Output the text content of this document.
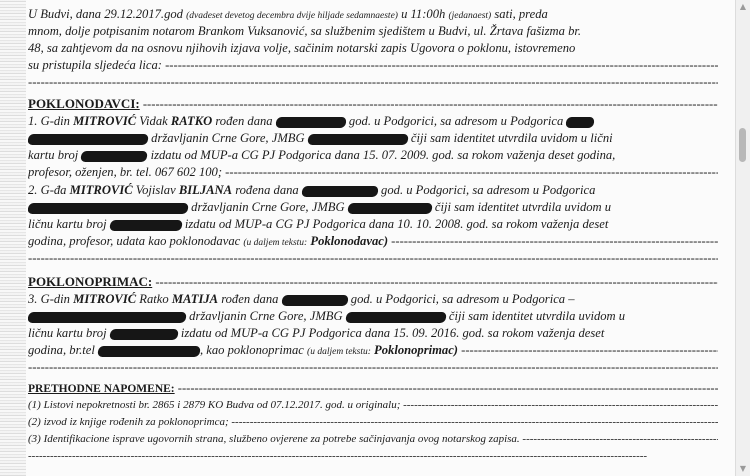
U Budvi, dana 29.12.2017.god (dvadeset devetog decembra dvije hiljade sedamnaeste) u 11:00h (jedanaest) sati, preda
mnom, dolje potpisanim notarom Brankom Vuksanović, sa službenim sjedištem u Budvi, ul. Žrtava fašizma br.
48, sa zahtjevom da na osnovu njihovih izjava volje, sačinim notarski zapis Ugovora o poklonu, istovremeno
su pristupila sljedeća lica: -----
-----
POKLONODAVCI: -----
1. G-din MITROVIĆ Vidak RATKO rođen dana	god. u Podgorici, sa adresom u Podgorica
državljanin Crne Gore, JMBG	čiji sam identitet utvrdila uvidom u lični
kartu broj	izdatu od MUP-a CG PJ Podgorica dana 15. 07. 2009. god. sa rokom važenja deset godina,
profesor, oženjen, br. tel. 067 602 100; -----
2. G-đa MITROVIĆ Vojislav BILJANA rođena dana	god. u Podgorici, sa adresom u Podgorica
državljanin Crne Gore, JMBG	čiji sam identitet utvrdila uvidom u
ličnu kartu broj	izdatu od MUP-a CG PJ Podgorica dana 10. 10. 2008. god. sa rokom važenja deset
godina, profesor, udata kao poklonodavac (u daljem tekstu: Poklonodavac) -----
-----
POKLONOPRIMAC: -----
3. G-din MITROVIĆ Ratko MATIJA rođen dana	god. u Podgorici, sa adresom u Podgorica –
državljanin Crne Gore, JMBG	čiji sam identitet utvrdila uvidom u
ličnu kartu broj	izdatu od MUP-a CG PJ Podgorica dana 15. 09. 2016. god. sa rokom važenja deset
godina, br.tel	, kao poklonoprimac (u daljem tekstu: Poklonoprimac) -----
-----
PRETHODNE NAPOMENE: -----
(1) Listovi nepokretnosti br. 2865 i 2879 KO Budva od 07.12.2017. god. u originalu; -----
(2) izvod iz knjige rođenih za poklonoprimca; -----
(3) Identifikacione isprave ugovornih strana, službeno ovjerene za potrebe sačinjavanja ovog notarskog zapisa. -----
-----
▲
▼
